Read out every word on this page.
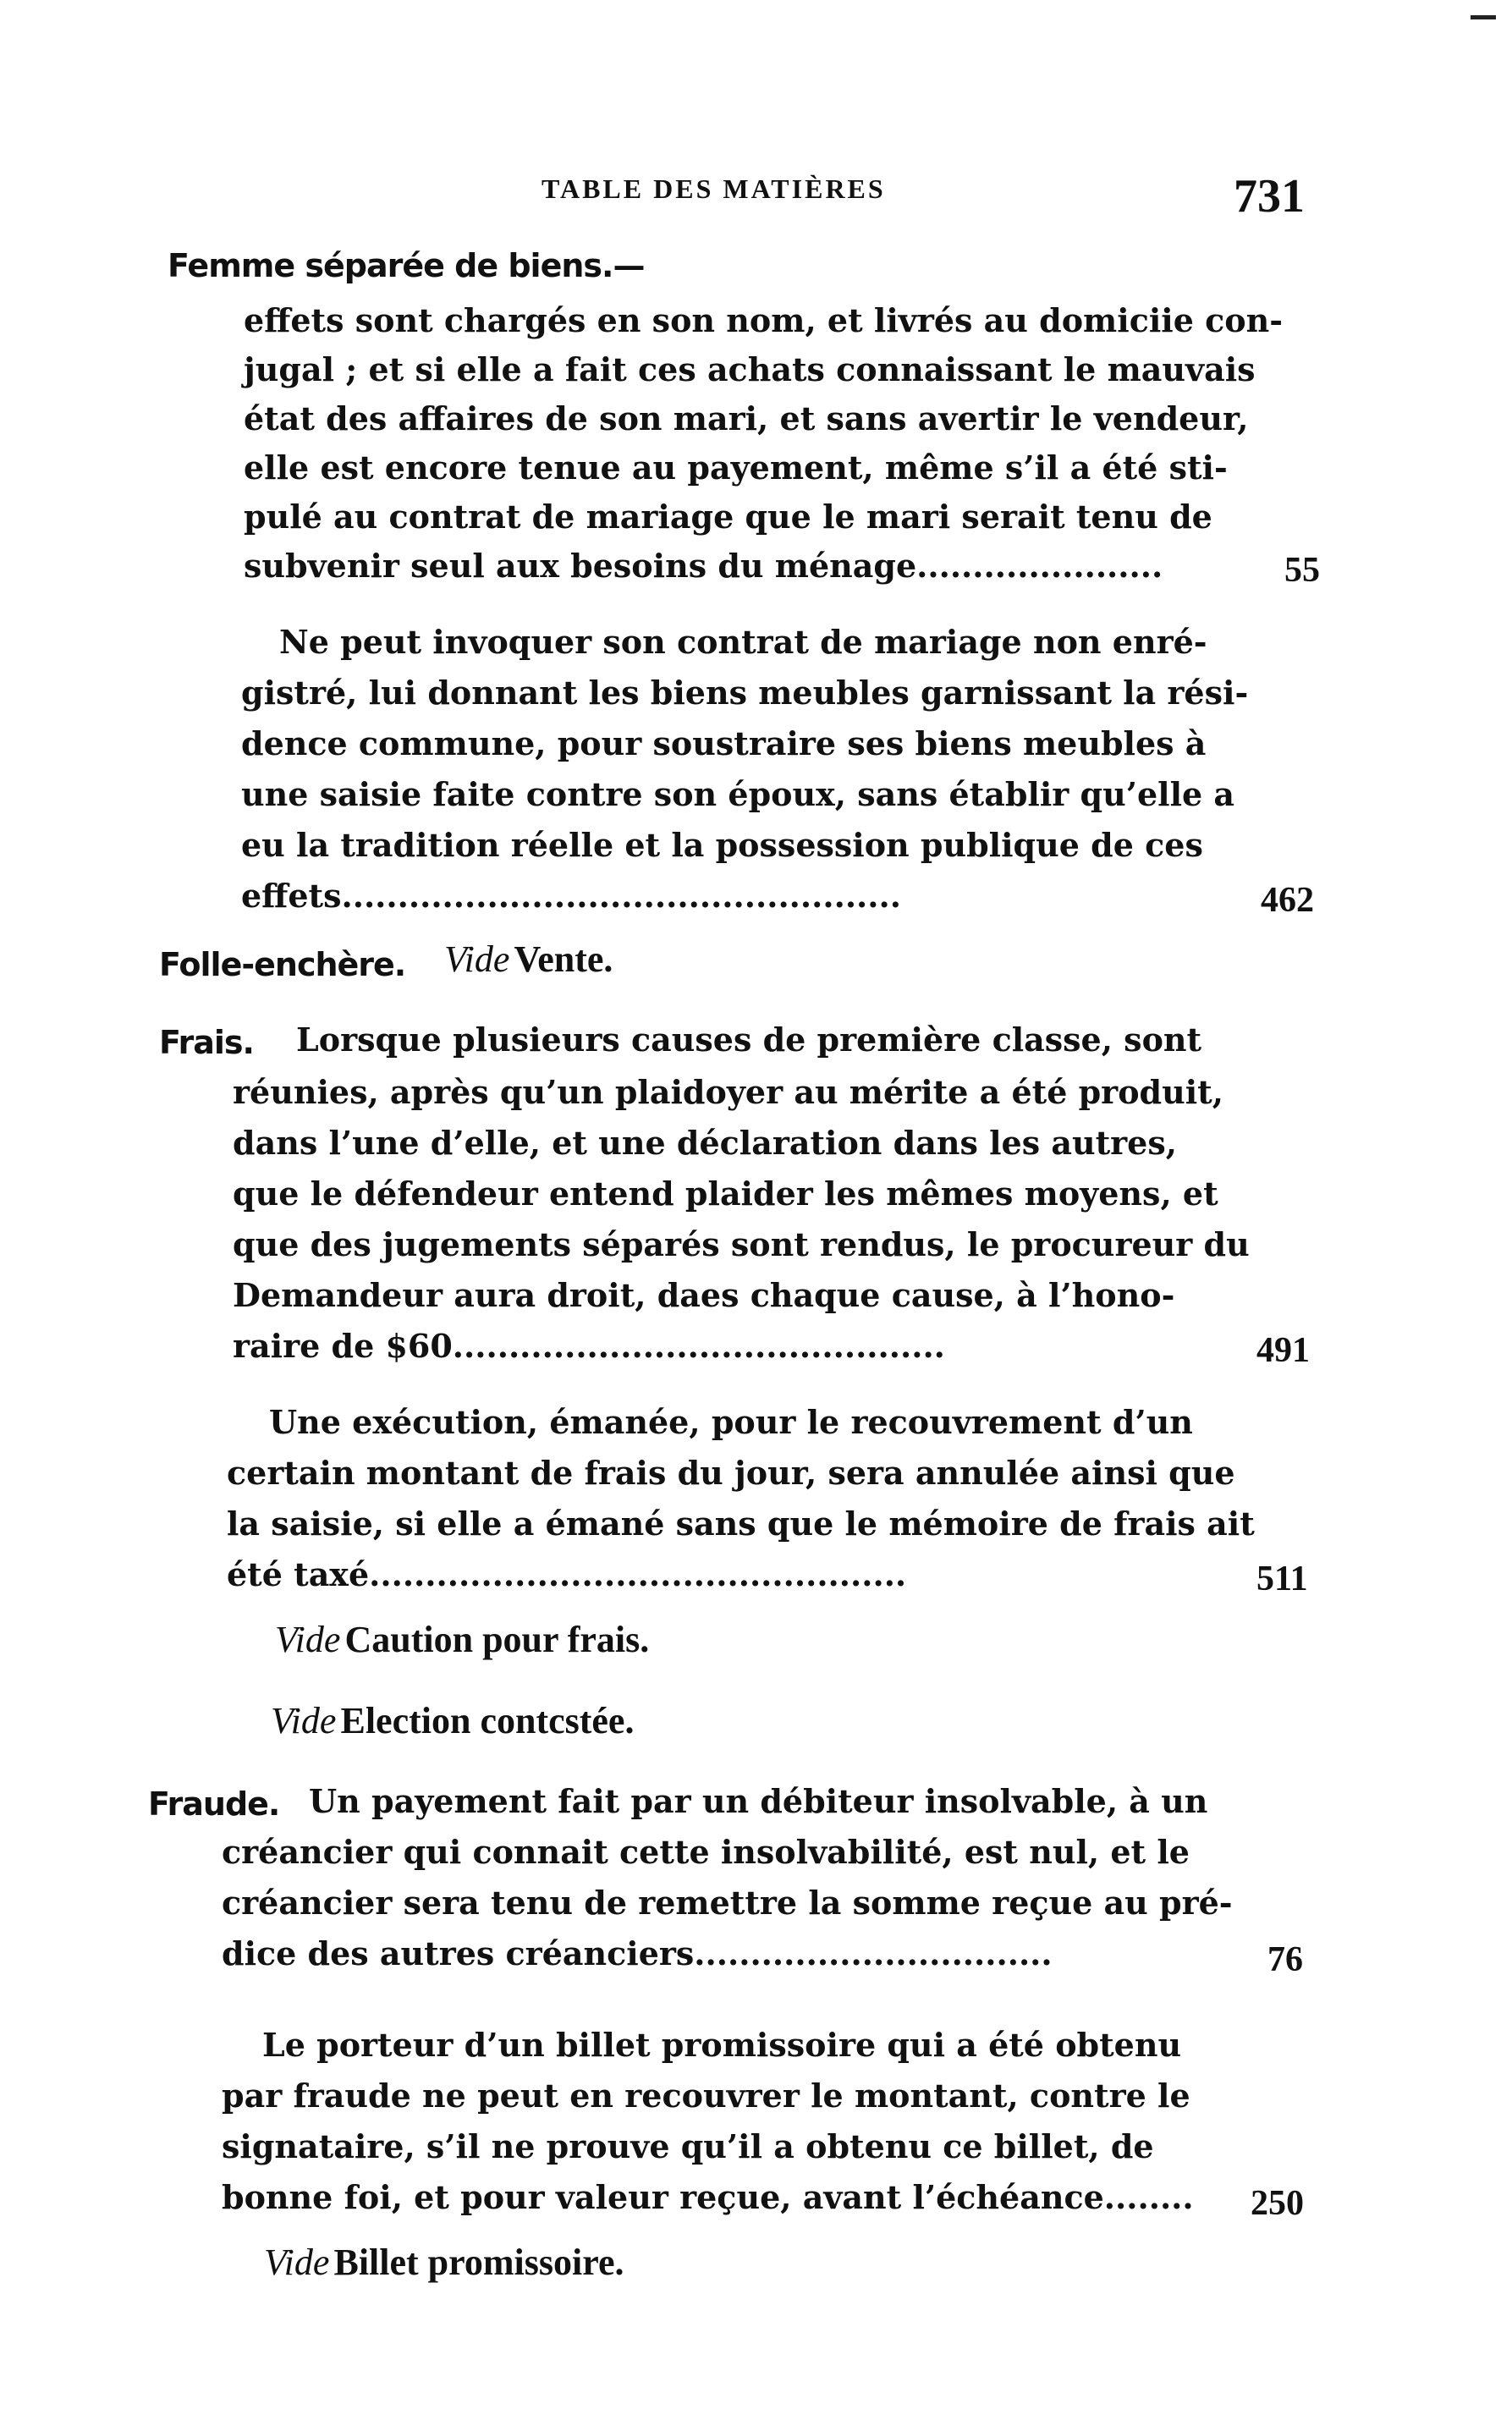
TABLE DES MATIÈRES	731
Femme séparée de biens.—
effets sont chargés en son nom, et livrés au domiciie con-
jugal ; et si elle a fait ces achats connaissant le mauvais
état des affaires de son mari, et sans avertir le vendeur,
elle est encore tenue au payement, même s’il a été sti-
pulé au contrat de mariage que le mari serait tenu de
subvenir seul aux besoins du ménage......................	55
Ne peut invoquer son contrat de mariage non enré-
gistré, lui donnant les biens meubles garnissant la rési-
dence commune, pour soustraire ses biens meubles à
une saisie faite contre son époux, sans établir qu’elle a
eu la tradition réelle et la possession publique de ces
effets..................................................	462
Folle-enchère. Vide Vente.
Frais. Lorsque plusieurs causes de première classe, sont
réunies, après qu’un plaidoyer au mérite a été produit,
dans l’une d’elle, et une déclaration dans les autres,
que le défendeur entend plaider les mêmes moyens, et
que des jugements séparés sont rendus, le procureur du
Demandeur aura droit, daes chaque cause, à l’hono-
raire de $60............................................	491
Une exécution, émanée, pour le recouvrement d’un
certain montant de frais du jour, sera annulée ainsi que
la saisie, si elle a émané sans que le mémoire de frais ait
été taxé................................................	511
Vide Caution pour frais.
Vide Election contcstée.
Fraude. Un payement fait par un débiteur insolvable, à un
créancier qui connait cette insolvabilité, est nul, et le
créancier sera tenu de remettre la somme reçue au pré-
dice des autres créanciers................................	76
Le porteur d’un billet promissoire qui a été obtenu
par fraude ne peut en recouvrer le montant, contre le
signataire, s’il ne prouve qu’il a obtenu ce billet, de
bonne foi, et pour valeur reçue, avant l’échéance........ 250
Vide Billet promissoire.
